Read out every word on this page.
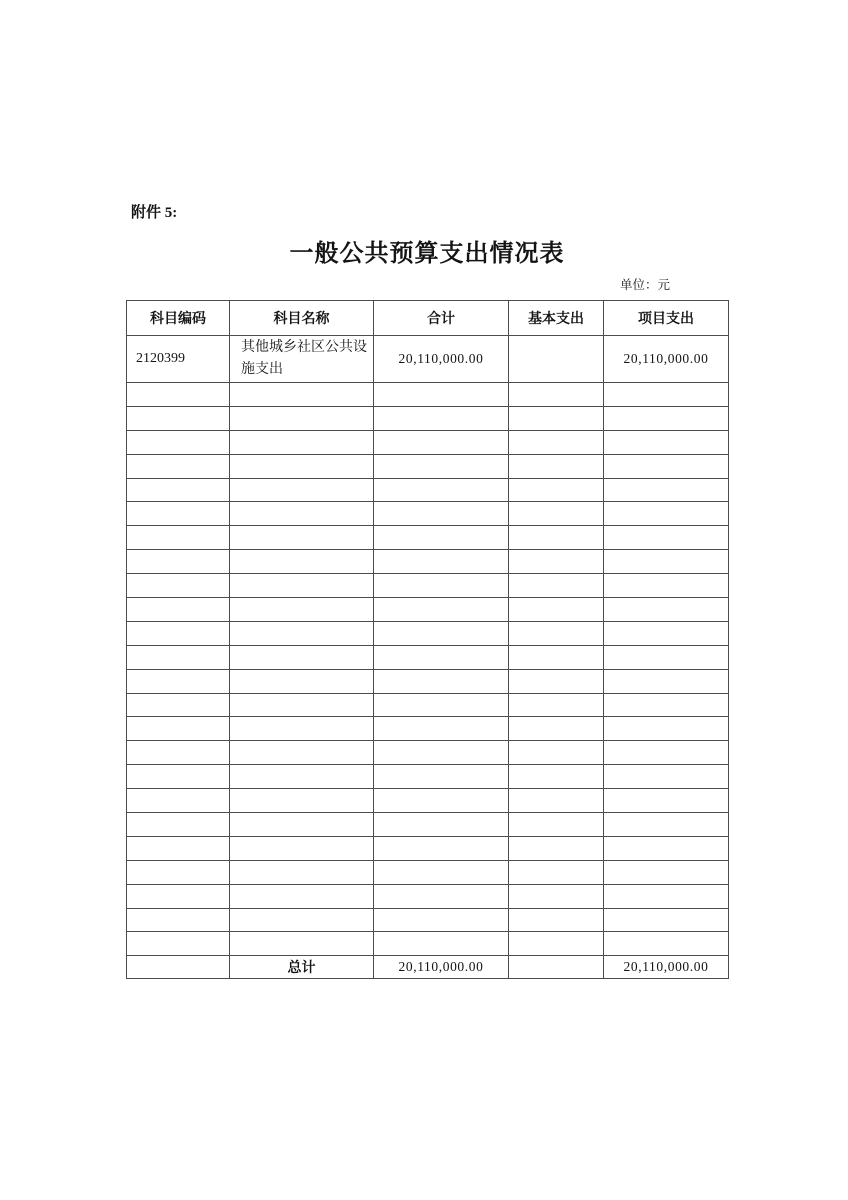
附件 5:
一般公共预算支出情况表
单位：元
科目编码	科目名称	合计	基本支出	项目支出
2120399	其他城乡社区公共设施支出	20,110,000.00		20,110,000.00

	总计	20,110,000.00		20,110,000.00
